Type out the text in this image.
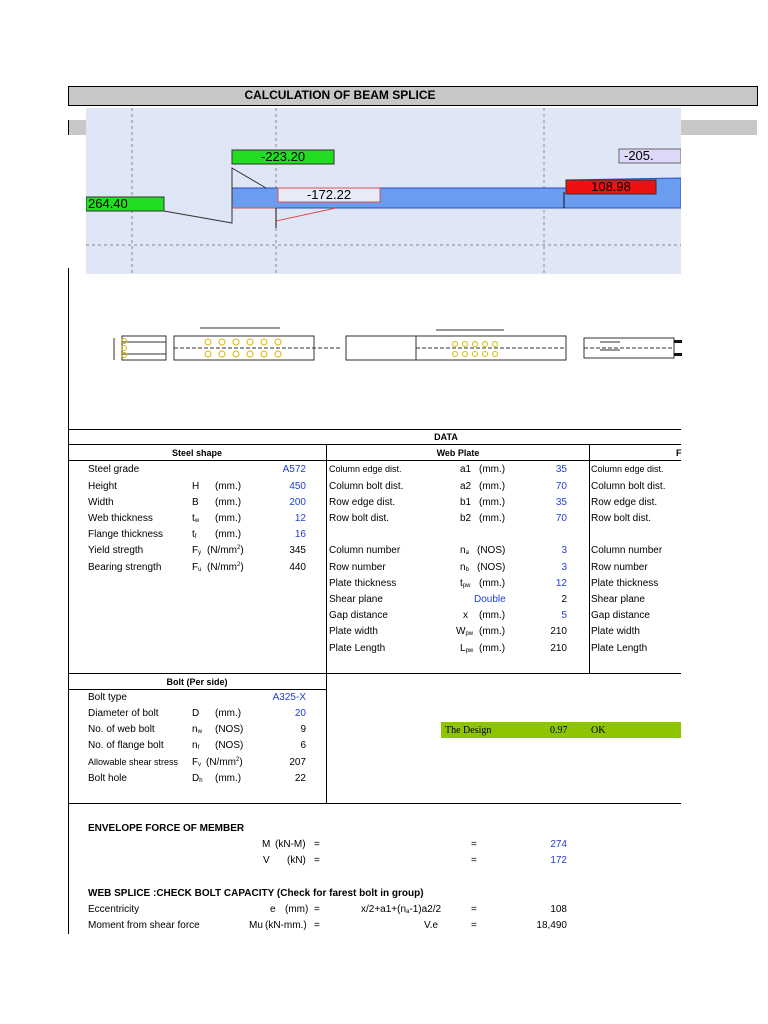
CALCULATION OF BEAM SPLICE
-223.20
-172.22
264.40
-205.
108.98
DATA
Steel shape	Web Plate	F
Bolt (Per side)
Steel grade	A572
Height	H (mm.)	450
Width	B (mm.)	200
Web thickness	tw (mm.)	12
Flange thickness	tf (mm.)	16
Yield stregth	Fy $(N/mm^2)$	345
Bearing strength	Fu $(N/mm^2)$	440
Column edge dist.	a1 (mm.)	35
Column bolt dist.	a2 (mm.)	70
Row edge dist.	b1 (mm.)	35
Row bolt dist.	b2 (mm.)	70
Column number	na (NOS)	3
Row number	nb (NOS)	3
Plate thickness	tpw (mm.)	12
Shear plane	Double	2
Gap distance	x (mm.)	5
Plate width	Wpw (mm.)	210
Plate Length	Lpw (mm.)	210
Column edge dist.
Column bolt dist.
Row edge dist.
Row bolt dist.
Column number
Row number
Plate thickness
Shear plane
Gap distance
Plate width
Plate Length
Bolt type	A325-X
Diameter of bolt	D (mm.)	20
No. of web bolt	nw (NOS)	9
No. of flange bolt	nf (NOS)	6
Allowable shear stress Fv $(N/mm^2)$	207
Bolt hole	Dh (mm.)	22
The Design	0.97 OK
ENVELOPE FORCE OF MEMBER
M (kN-M) =	=	274
V (kN) =	=	172
WEB SPLICE :CHECK BOLT CAPACITY (Check for farest bolt in group)
Eccentricity	e (mm) =	x/2+a1+(na-1)a2/2	=	108
Moment from shear force	Mu (kN-mm.) =	V.e	=	18,490
